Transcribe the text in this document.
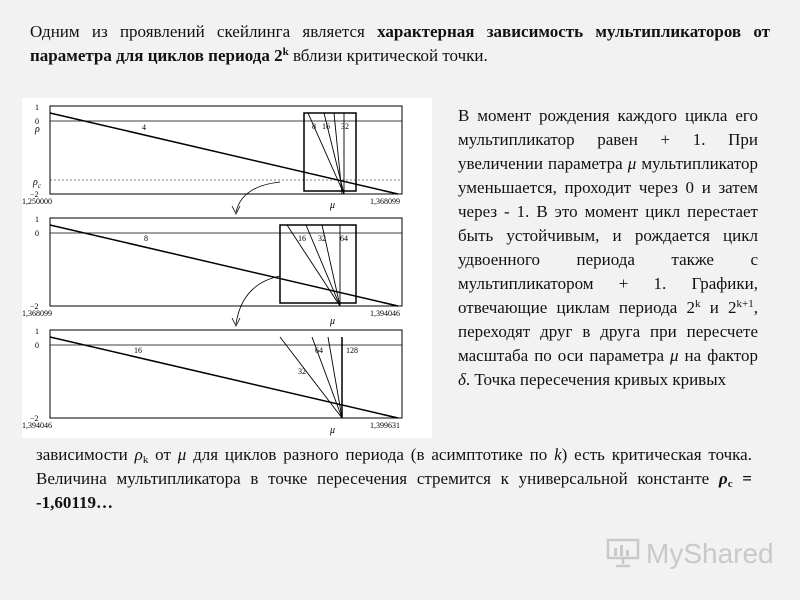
Одним из проявлений скейлинга является характерная зависимость мультипликаторов от параметра для циклов периода 2$^k$ вблизи критической точки.
1
0
−2
ρ
$\rho_c$
1,250000	1,368099
μ
4	8 16 32
1
0
−2
1,368099	1,394046
μ
8	16 32 64
1
0
−2
1,394046	1,399631
μ
16
32
64	128
В момент рождения каждого цикла его мультипликатор равен + 1. При увеличении параметра μ мультипликатор уменьшается, проходит через 0 и затем через - 1. В это момент цикл перестает быть устойчивым, и рождается цикл удвоенного периода также с мультипликатором + 1. Графики, отвечающие циклам периода 2$^k$ и $2^{k+1}$, переходят друг в друга при пересчете масштаба по оси параметра μ на фактор δ. Точка пересечения кривых кривых
зависимости $\rho_k$ от μ для циклов разного периода (в асимптотике по k) есть критическая точка. Величина мультипликатора в точке пересечения стремится к универсальной константе $\rho_c$ = -1,60119…
MyShared
